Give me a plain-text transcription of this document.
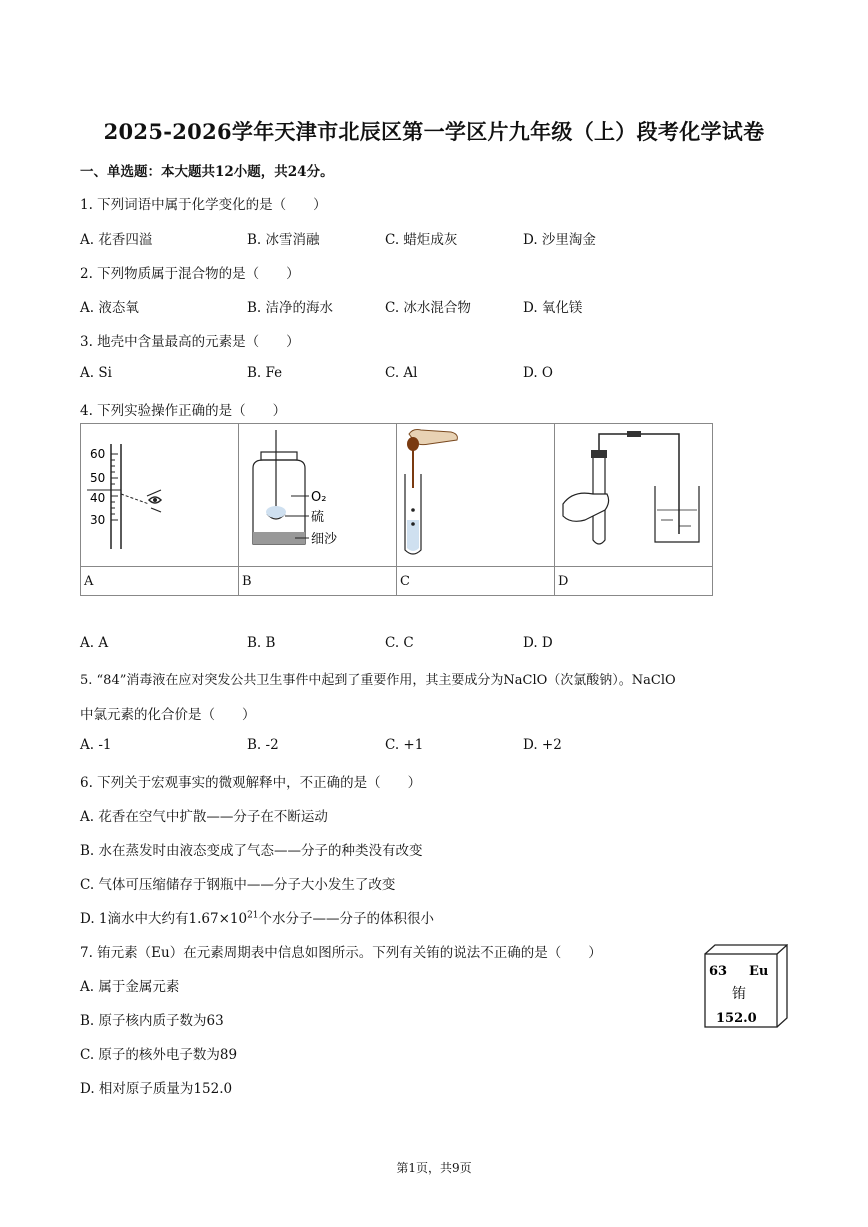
2025-2026学年天津市北辰区第一学区片九年级（上）段考化学试卷
一、单选题：本大题共12小题，共24分。
1. 下列词语中属于化学变化的是（　　）
A. 花香四溢	B. 冰雪消融	C. 蜡炬成灰	D. 沙里淘金
2. 下列物质属于混合物的是（　　）
A. 液态氧	B. 洁净的海水	C. 冰水混合物	D. 氧化镁
3. 地壳中含量最高的元素是（　　）
A. Si	B. Fe	C. Al	D. O
4. 下列实验操作正确的是（　　）
60
50
40
30	O₂
硫
细沙

A	B	C	D
A. A	B. B	C. C	D. D
5. “84”消毒液在应对突发公共卫生事件中起到了重要作用，其主要成分为NaClO（次氯酸钠）。NaClO
中氯元素的化合价是（　　）
A. -1	B. -2	C. +1	D. +2
6. 下列关于宏观事实的微观解释中，不正确的是（　　）
A. 花香在空气中扩散——分子在不断运动
B. 水在蒸发时由液态变成了气态——分子的种类没有改变
C. 气体可压缩储存于钢瓶中——分子大小发生了改变
D. 1滴水中大约有$1.67\times 10^{21}$个水分子——分子的体积很小
7. 铕元素（Eu）在元素周期表中信息如图所示。下列有关铕的说法不正确的是（　　）
A. 属于金属元素
B. 原子核内质子数为63
C. 原子的核外电子数为89
D. 相对原子质量为152.0
63 Eu
铕
152.0
第1页，共9页
